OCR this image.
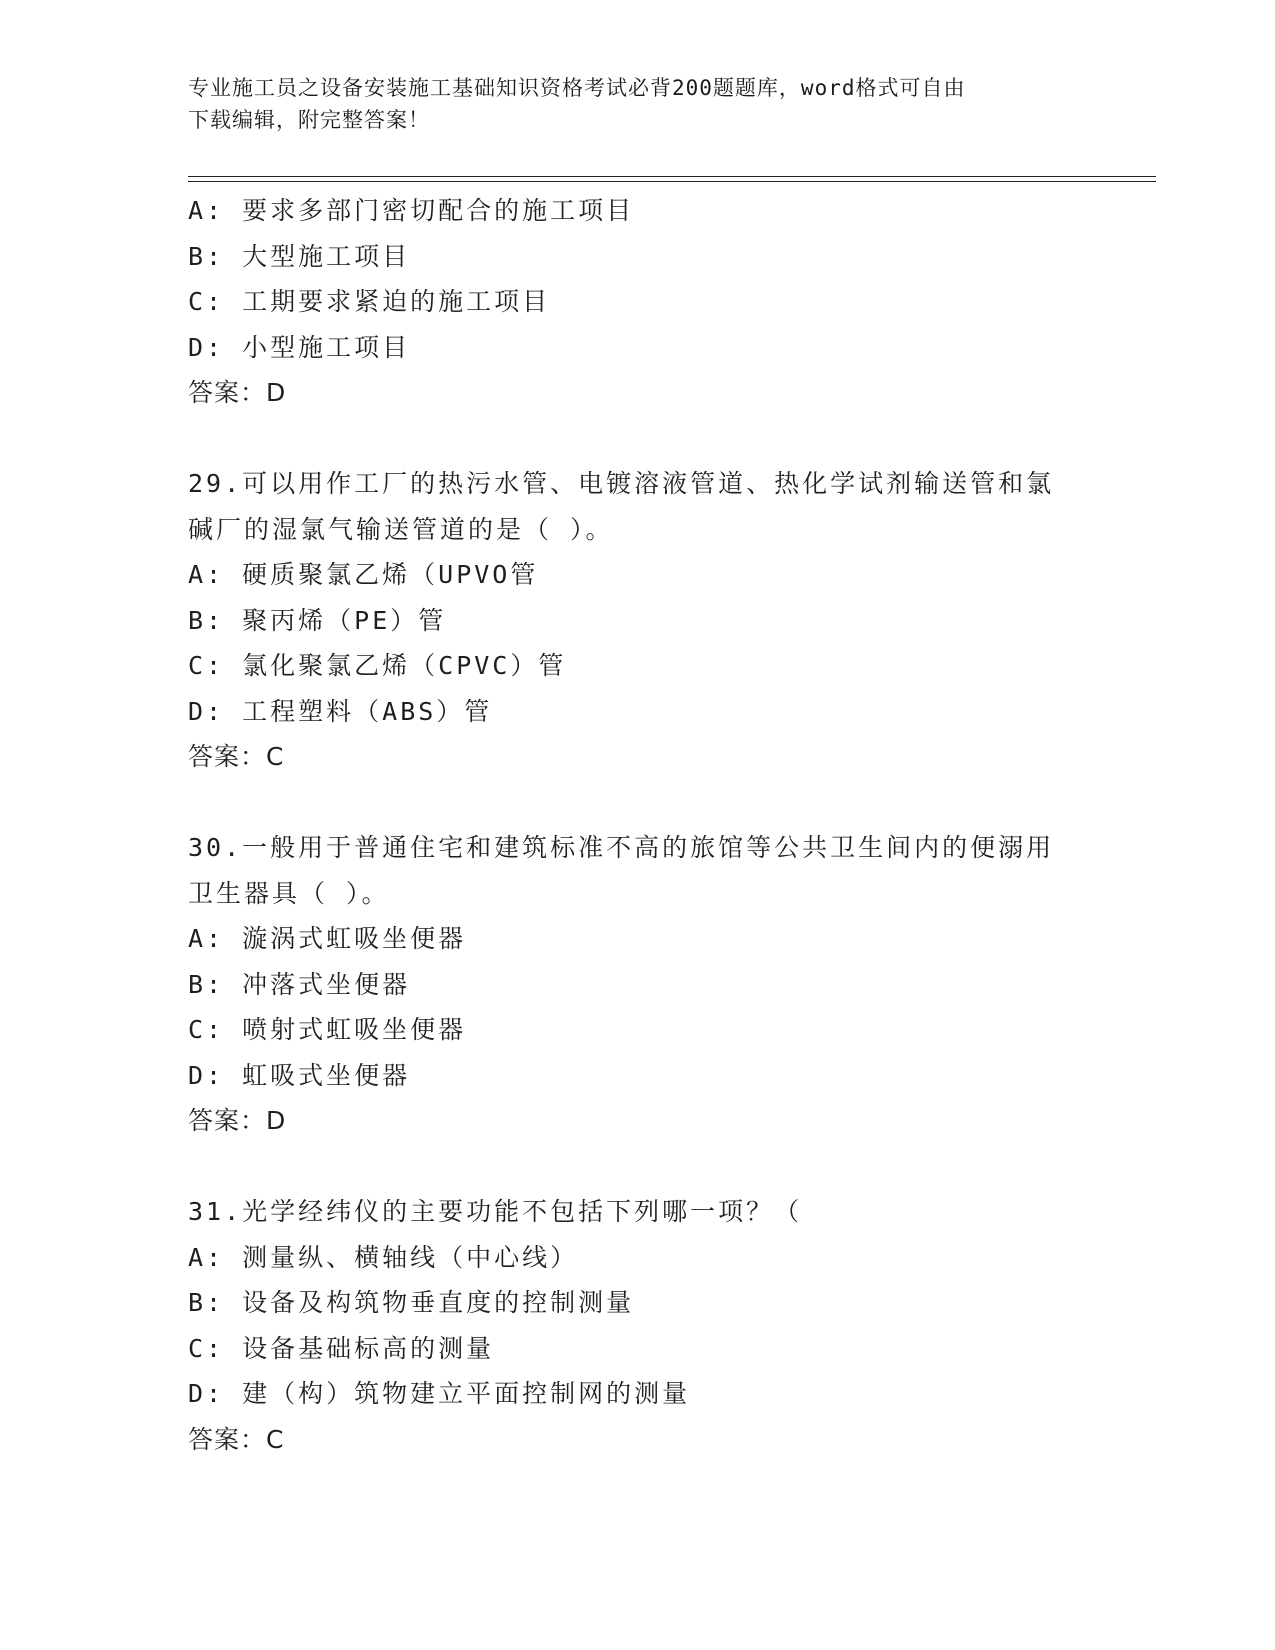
专业施工员之设备安装施工基础知识资格考试必背200题题库，word格式可自由
下载编辑，附完整答案！
A: 要求多部门密切配合的施工项目
B: 大型施工项目
C: 工期要求紧迫的施工项目
D: 小型施工项目
答案：D
29.可以用作工厂的热污水管、电镀溶液管道、热化学试剂输送管和氯
碱厂的湿氯气输送管道的是（ ）。
A: 硬质聚氯乙烯（UPVO管
B: 聚丙烯（PE）管
C: 氯化聚氯乙烯（CPVC）管
D: 工程塑料（ABS）管
答案：C
30.一般用于普通住宅和建筑标准不高的旅馆等公共卫生间内的便溺用
卫生器具（ ）。
A: 漩涡式虹吸坐便器
B: 冲落式坐便器
C: 喷射式虹吸坐便器
D: 虹吸式坐便器
答案：D
31.光学经纬仪的主要功能不包括下列哪一项？（
A: 测量纵、横轴线（中心线）
B: 设备及构筑物垂直度的控制测量
C: 设备基础标高的测量
D: 建（构）筑物建立平面控制网的测量
答案：C
